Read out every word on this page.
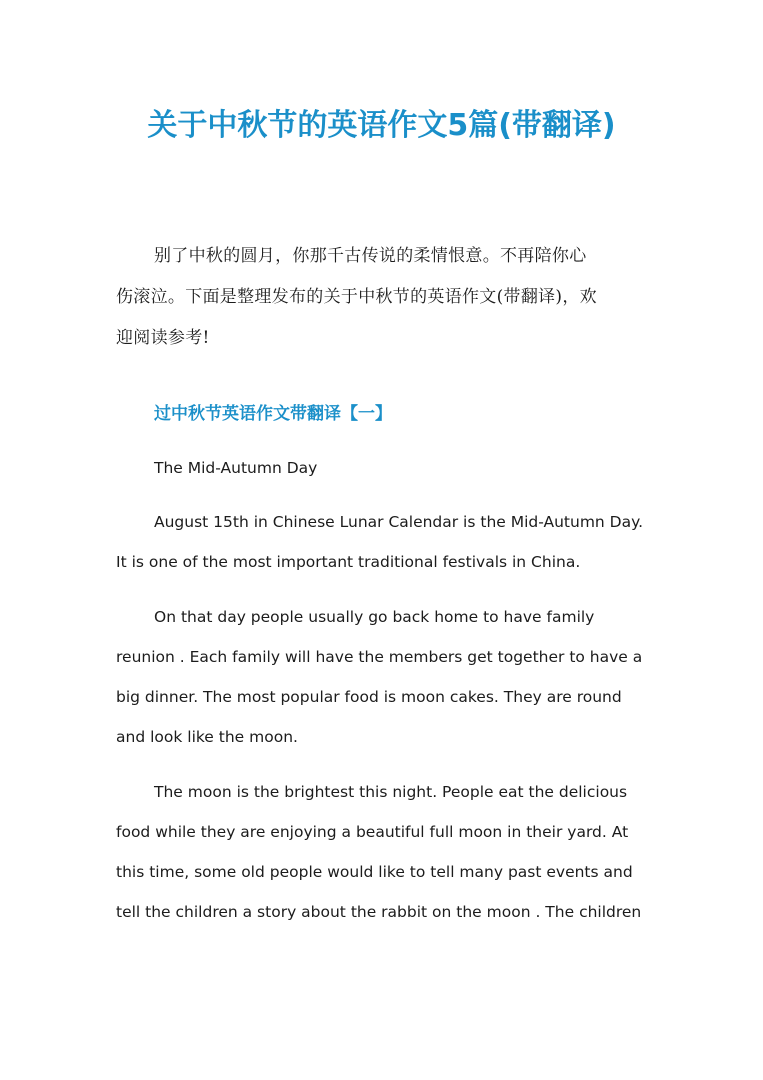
关于中秋节的英语作文5篇(带翻译)

别了中秋的圆月，你那千古传说的柔情恨意。不再陪你心
伤滚泣。下面是整理发布的关于中秋节的英语作文(带翻译)，欢
迎阅读参考!

过中秋节英语作文带翻译【一】

The Mid-Autumn Day

August 15th in Chinese Lunar Calendar is the Mid-Autumn Day.
It is one of the most important traditional festivals in China.

On that day people usually go back home to have family
reunion . Each family will have the members get together to have a
big dinner. The most popular food is moon cakes. They are round
and look like the moon.

The moon is the brightest this night. People eat the delicious
food while they are enjoying a beautiful full moon in their yard. At
this time, some old people would like to tell many past events and
tell the children a story about the rabbit on the moon . The children
